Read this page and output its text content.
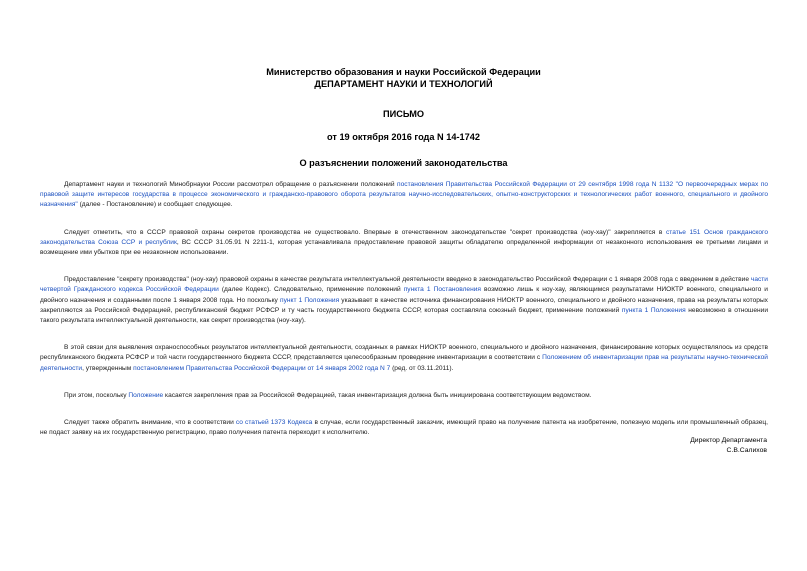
Министерство образования и науки Российской Федерации
ДЕПАРТАМЕНТ НАУКИ И ТЕХНОЛОГИЙ
ПИСЬМО
от 19 октября 2016 года N 14-1742
О разъяснении положений законодательства

Департамент науки и технологий Минобрнауки России рассмотрел обращение о разъяснении положений постановления Правительства Российской Федерации от 29 сентября 1998 года N 1132 "О первоочередных мерах по правовой защите интересов государства в процессе экономического и гражданско-правового оборота результатов научно-исследовательских, опытно-конструкторских и технологических работ военного, специального и двойного назначения" (далее - Постановление) и сообщает следующее.

Следует отметить, что в СССР правовой охраны секретов производства не существовало. Впервые в отечественном законодательстве "секрет производства (ноу-хау)" закрепляется в статье 151 Основ гражданского законодательства Союза ССР и республик, ВС СССР 31.05.91 N 2211-1, которая устанавливала предоставление правовой защиты обладателю определенной информации от незаконного использования ее третьими лицами и возмещение ими убытков при ее незаконном использовании.

Предоставление "секрету производства" (ноу-хау) правовой охраны в качестве результата интеллектуальной деятельности введено в законодательство Российской Федерации с 1 января 2008 года с введением в действие части четвертой Гражданского кодекса Российской Федерации (далее Кодекс). Следовательно, применение положений пункта 1 Постановления возможно лишь к ноу-хау, являющимся результатами НИОКТР военного, специального и двойного назначения и созданными после 1 января 2008 года. Но поскольку пункт 1 Положения указывает в качестве источника финансирования НИОКТР военного, специального и двойного назначения, права на результаты которых закрепляются за Российской Федерацией, республиканский бюджет РСФСР и ту часть государственного бюджета СССР, которая составляла союзный бюджет, применение положений пункта 1 Положения невозможно в отношении такого результата интеллектуальной деятельности, как секрет производства (ноу-хау).

В этой связи для выявления охраноспособных результатов интеллектуальной деятельности, созданных в рамках НИОКТР военного, специального и двойного назначения, финансирование которых осуществлялось из средств республиканского бюджета РСФСР и той части государственного бюджета СССР, представляется целесообразным проведение инвентаризации в соответствии с Положением об инвентаризации прав на результаты научно-технической деятельности, утвержденным постановлением Правительства Российской Федерации от 14 января 2002 года N 7 (ред. от 03.11.2011).

При этом, поскольку Положение касается закрепления прав за Российской Федерацией, такая инвентаризация должна быть инициирована соответствующим ведомством.

Следует также обратить внимание, что в соответствии со статьей 1373 Кодекса в случае, если государственный заказчик, имеющий право на получение патента на изобретение, полезную модель или промышленный образец, не подаст заявку на их государственную регистрацию, право получения патента переходит к исполнителю.

Директор Департамента
С.В.Салихов
